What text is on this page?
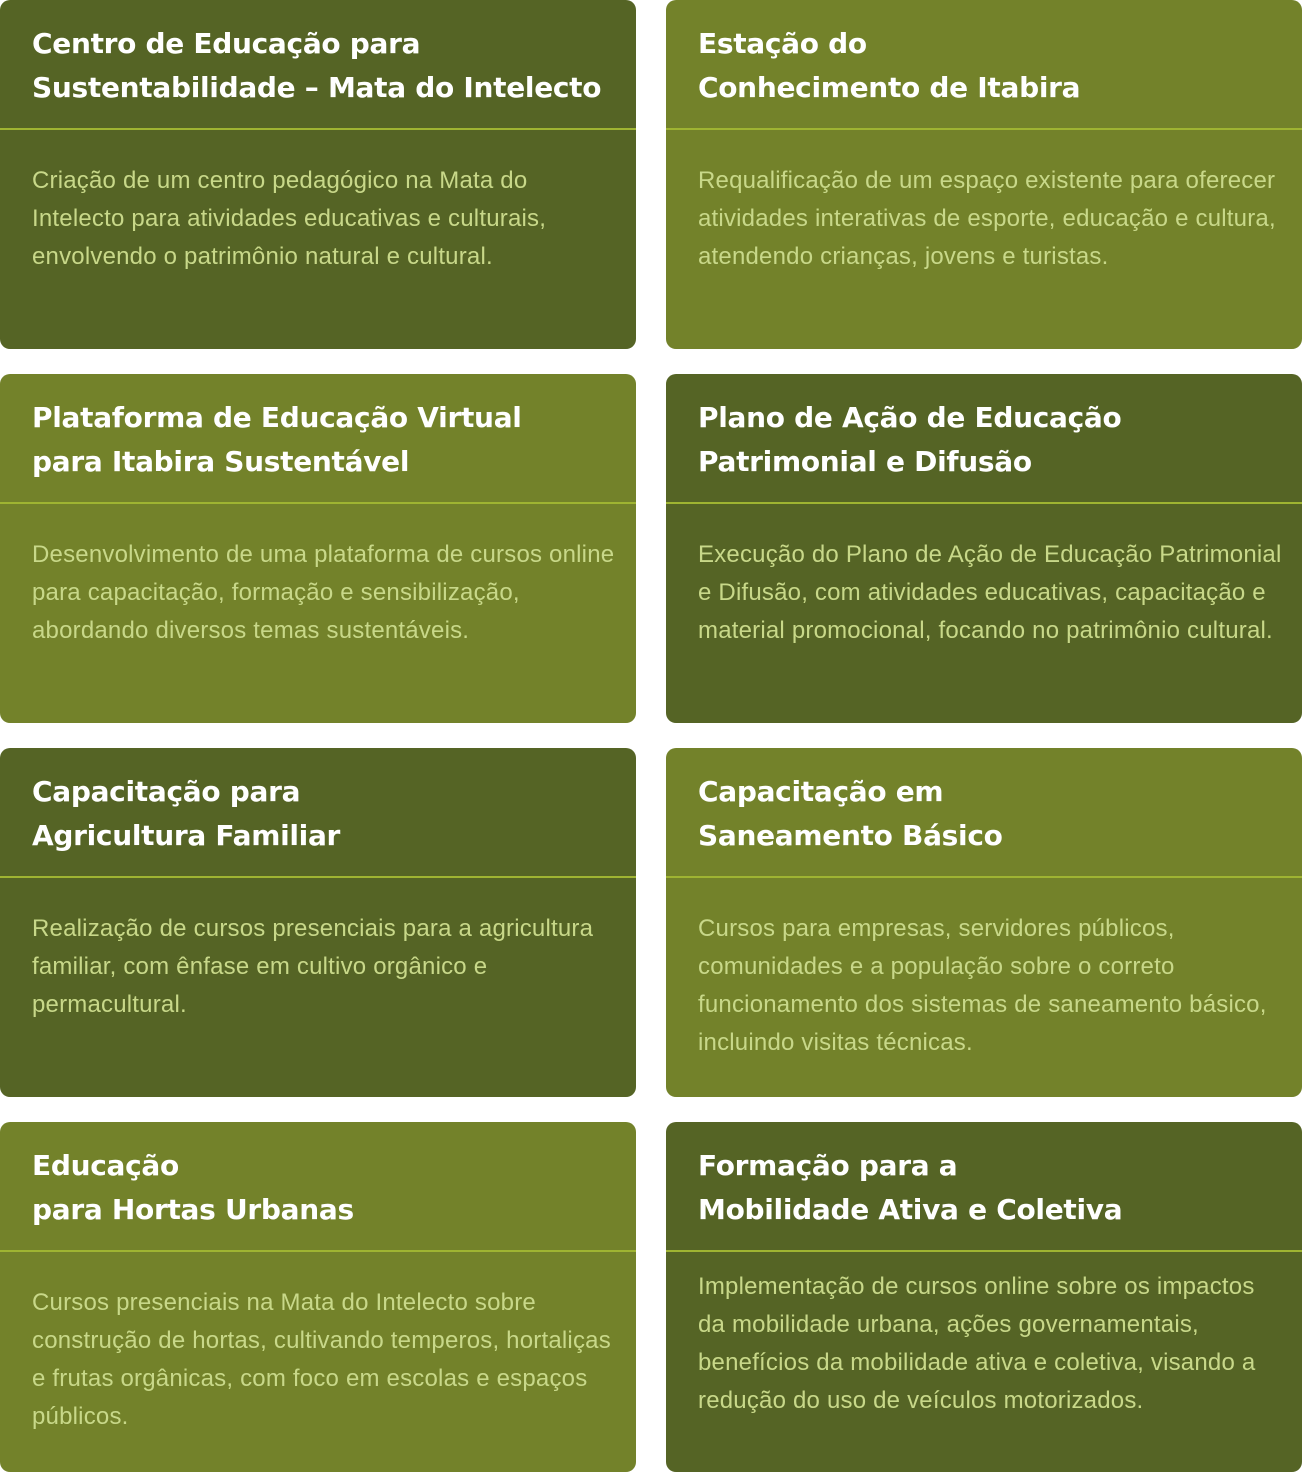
Centro de Educação para
Sustentabilidade – Mata do Intelecto

Criação de um centro pedagógico na Mata do Intelecto para atividades educativas e culturais, envolvendo o patrimônio natural e cultural.

Estação do
Conhecimento de Itabira

Requalificação de um espaço existente para oferecer atividades interativas de esporte, educação e cultura, atendendo crianças, jovens e turistas.

Plataforma de Educação Virtual
para Itabira Sustentável

Desenvolvimento de uma plataforma de cursos online para capacitação, formação e sensibilização, abordando diversos temas sustentáveis.

Plano de Ação de Educação
Patrimonial e Difusão

Execução do Plano de Ação de Educação Patrimonial e Difusão, com atividades educativas, capacitação e material promocional, focando no patrimônio cultural.

Capacitação para
Agricultura Familiar

Realização de cursos presenciais para a agricultura familiar, com ênfase em cultivo orgânico e permacultural.

Capacitação em
Saneamento Básico

Cursos para empresas, servidores públicos, comunidades e a população sobre o correto funcionamento dos sistemas de saneamento básico, incluindo visitas técnicas.

Educação
para Hortas Urbanas

Cursos presenciais na Mata do Intelecto sobre construção de hortas, cultivando temperos, hortaliças e frutas orgânicas, com foco em escolas e espaços públicos.

Formação para a
Mobilidade Ativa e Coletiva

Implementação de cursos online sobre os impactos da mobilidade urbana, ações governamentais, benefícios da mobilidade ativa e coletiva, visando a redução do uso de veículos motorizados.
